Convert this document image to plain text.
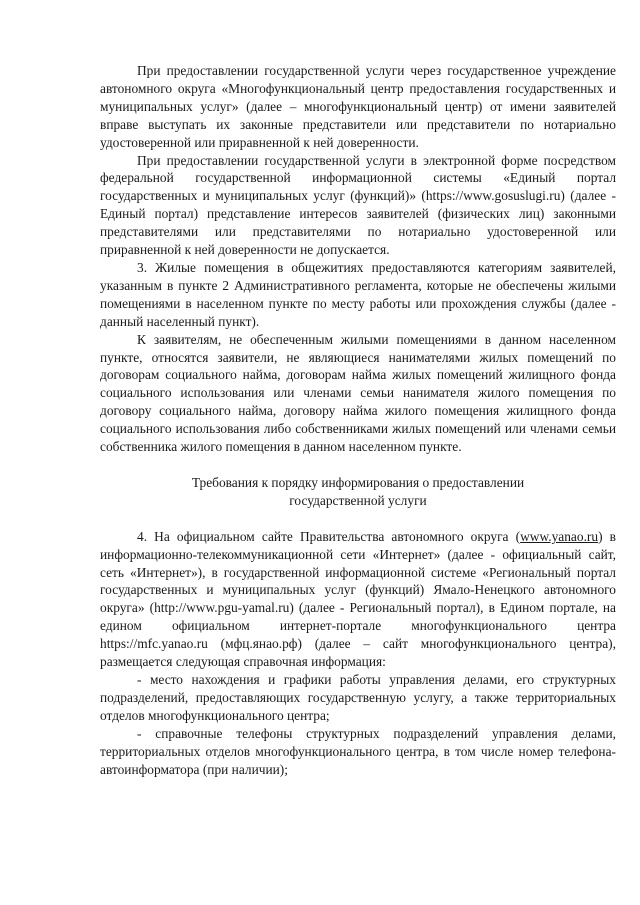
При предоставлении государственной услуги через государственное учреждение автономного округа «Многофункциональный центр предоставления государственных и муниципальных услуг» (далее – многофункциональный центр) от имени заявителей вправе выступать их законные представители или представители по нотариально удостоверенной или приравненной к ней доверенности.

При предоставлении государственной услуги в электронной форме посредством федеральной государственной информационной системы «Единый портал государственных и муниципальных услуг (функций)» (https://www.gosuslugi.ru) (далее - Единый портал) представление интересов заявителей (физических лиц) законными представителями или представителями по нотариально удостоверенной или приравненной к ней доверенности не допускается.

3. Жилые помещения в общежитиях предоставляются категориям заявителей, указанным в пункте 2 Административного регламента, которые не обеспечены жилыми помещениями в населенном пункте по месту работы или прохождения службы (далее - данный населенный пункт).

К заявителям, не обеспеченным жилыми помещениями в данном населенном пункте, относятся заявители, не являющиеся нанимателями жилых помещений по договорам социального найма, договорам найма жилых помещений жилищного фонда социального использования или членами семьи нанимателя жилого помещения по договору социального найма, договору найма жилого помещения жилищного фонда социального использования либо собственниками жилых помещений или членами семьи собственника жилого помещения в данном населенном пункте.

Требования к порядку информирования о предоставлении
государственной услуги

4. На официальном сайте Правительства автономного округа (www.yanao.ru) в информационно-телекоммуникационной сети «Интернет» (далее - официальный сайт, сеть «Интернет»), в государственной информационной системе «Региональный портал государственных и муниципальных услуг (функций) Ямало-Ненецкого автономного округа» (http://www.pgu-yamal.ru) (далее - Региональный портал), в Едином портале, на едином официальном интернет-портале многофункционального центра https://mfc.yanao.ru (мфц.янао.рф) (далее – сайт многофункционального центра), размещается следующая справочная информация:

- место нахождения и графики работы управления делами, его структурных подразделений, предоставляющих государственную услугу, а также территориальных отделов многофункционального центра;

- справочные телефоны структурных подразделений управления делами, территориальных отделов многофункционального центра, в том числе номер телефона-автоинформатора (при наличии);
